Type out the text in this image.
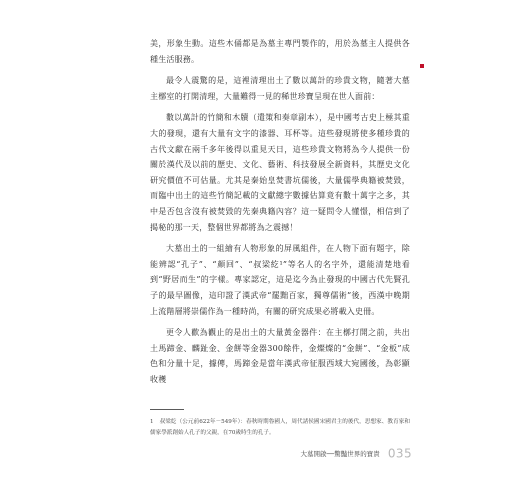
美，形象生動。這些木俑都是為墓主專門製作的，用於為墓主人提供各種生活服務。

最令人震驚的是，這裡清理出土了數以萬計的珍貴文物，隨著大墓主槨室的打開清理，大量難得一見的稀世珍寶呈現在世人面前：

數以萬計的竹簡和木牘（遣策和奏章副本），是中國考古史上極其重大的發現，還有大量有文字的漆器、耳杯等。這些發現將使多種珍貴的古代文獻在兩千多年後得以重見天日，這些珍貴文物將為今人提供一份關於漢代及以前的歷史、文化、藝術、科技發展全新資料，其歷史文化研究價值不可估量。尤其是秦始皇焚書坑儒後，大量儒學典籍被焚毀，而臨中出土的這些竹簡記載的文獻總字數據估算竟有數十萬字之多，其中是否包含沒有被焚毀的先秦典籍內容？這一疑問令人懂憬，相信到了揭秘的那一天，整個世界都將為之震撼！

大墓出土的一組繪有人物形象的屏風組件，在人物下面有題字，除能辨認“孔子”、“顏回”、“叔梁紇¹”等名人的名字外，還能清楚地看到“野居而生”的字樣。專家認定，這是迄今為止發現的中國古代先賢孔子的最早圖像，這印證了漢武帝“罷黜百家，獨尊儒術”後，西漢中晚期上流階層將崇儒作為一種時尚，有關的研究成果必將載入史冊。

更令人歡為觀止的是出土的大量黃金器件：在主槨打開之前，共出土馬蹄金、麟趾金、金餅等金器300餘件，金燦燦的“金餅”、“金板”成色和分量十足，據傳，馬蹄金是當年漢武帝征服西域大宛國後，為彰顯收穫

1 叔梁紇（公元前622年－549年）：春秋時期魯國人，周代諸侯國宋國君主的後代，思想家、教育家和儒家學派創始人孔子的父親，在70歲時生的孔子。
大墓開啟──驚豔世界的寶貴 035
